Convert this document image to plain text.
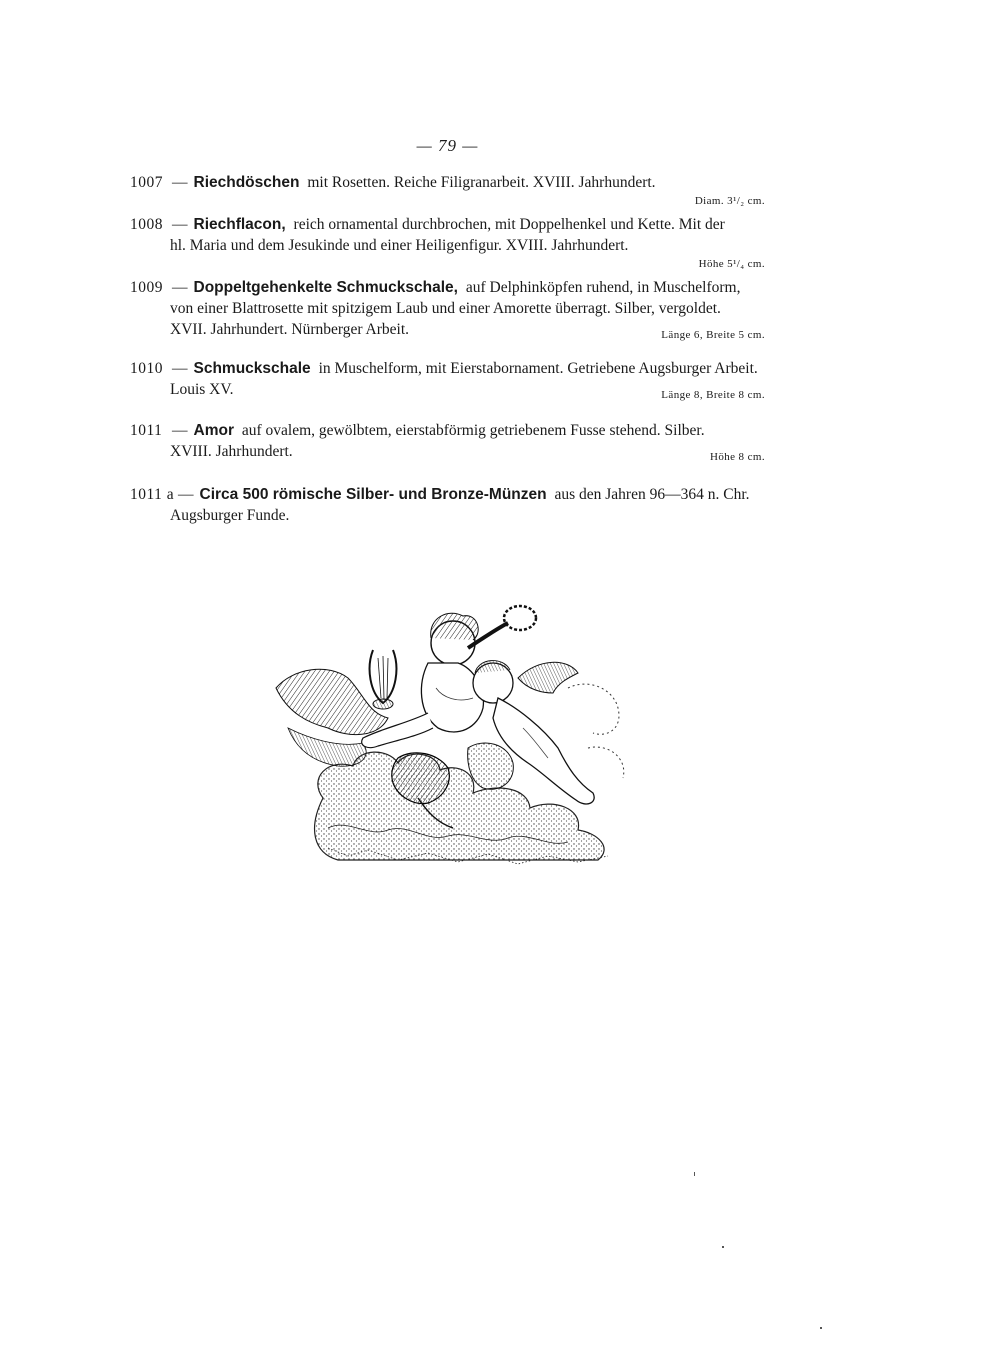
— 79 —
1007 — Riechdöschen mit Rosetten. Reiche Filigranarbeit. XVIII. Jahrhundert.
Diam. 3¹/₂ cm.
1008 — Riechflacon, reich ornamental durchbrochen, mit Doppelhenkel und Kette. Mit der
hl. Maria und dem Jesukinde und einer Heiligenfigur. XVIII. Jahrhundert.
Höhe 5¹/₄ cm.
1009 — Doppeltgehenkelte Schmuckschale, auf Delphinköpfen ruhend, in Muschelform,
von einer Blattrosette mit spitzigem Laub und einer Amorette überragt. Silber, vergoldet.
XVII. Jahrhundert. Nürnberger Arbeit.	Länge 6, Breite 5 cm.
1010 — Schmuckschale in Muschelform, mit Eierstabornament. Getriebene Augsburger Arbeit.
Louis XV.	Länge 8, Breite 8 cm.
1011 — Amor auf ovalem, gewölbtem, eierstabförmig getriebenem Fusse stehend. Silber.
XVIII. Jahrhundert.	Höhe 8 cm.
1011 a — Circa 500 römische Silber- und Bronze-Münzen aus den Jahren 96—364 n. Chr.
Augsburger Funde.
